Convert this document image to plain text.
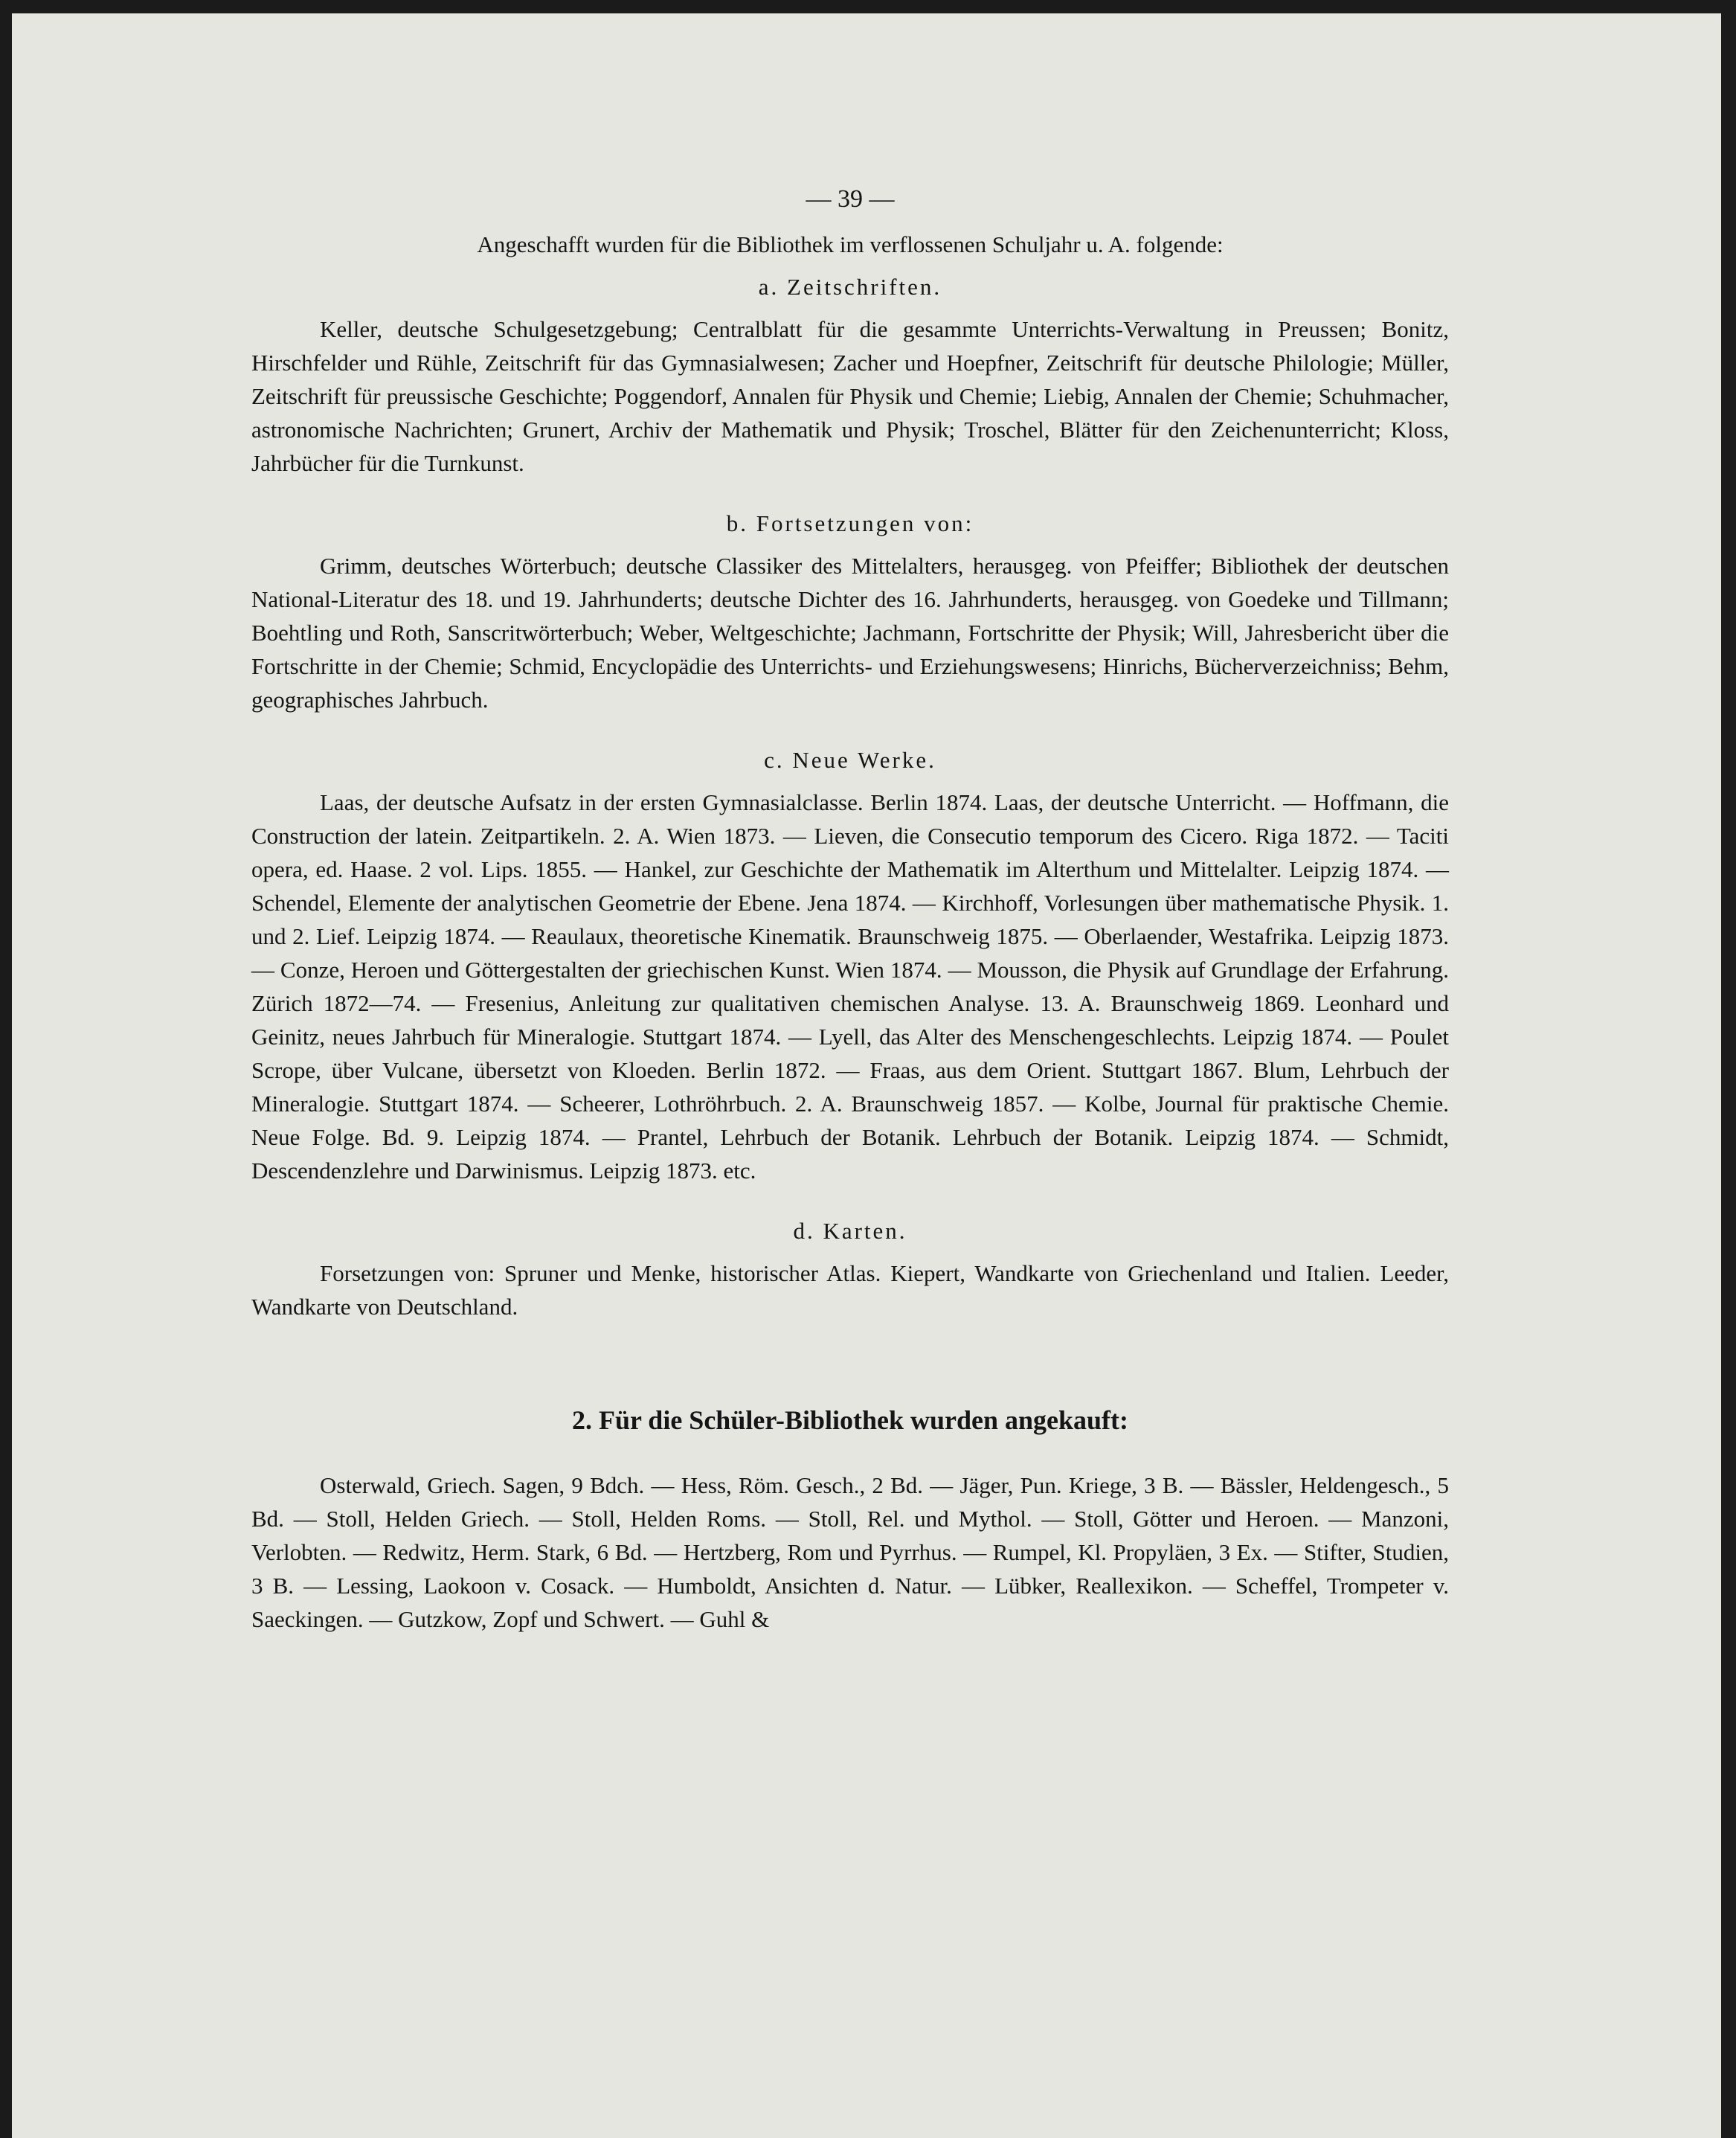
— 39 —
Angeschafft wurden für die Bibliothek im verflossenen Schuljahr u. A. folgende:
a. Zeitschriften.
Keller, deutsche Schulgesetzgebung; Centralblatt für die gesammte Unterrichts-Verwaltung in Preussen; Bonitz, Hirschfelder und Rühle, Zeitschrift für das Gymnasialwesen; Zacher und Hoepfner, Zeitschrift für deutsche Philologie; Müller, Zeitschrift für preussische Geschichte; Poggendorf, Annalen für Physik und Chemie; Liebig, Annalen der Chemie; Schuhmacher, astronomische Nachrichten; Grunert, Archiv der Mathematik und Physik; Troschel, Blätter für den Zeichenunterricht; Kloss, Jahrbücher für die Turnkunst.
b. Fortsetzungen von:
Grimm, deutsches Wörterbuch; deutsche Classiker des Mittelalters, herausgeg. von Pfeiffer; Bibliothek der deutschen National-Literatur des 18. und 19. Jahrhunderts; deutsche Dichter des 16. Jahrhunderts, herausgeg. von Goedeke und Tillmann; Boehtling und Roth, Sanscritwörterbuch; Weber, Weltgeschichte; Jachmann, Fortschritte der Physik; Will, Jahresbericht über die Fortschritte in der Chemie; Schmid, Encyclopädie des Unterrichts- und Erziehungswesens; Hinrichs, Bücherverzeichniss; Behm, geographisches Jahrbuch.
c. Neue Werke.
Laas, der deutsche Aufsatz in der ersten Gymnasialclasse. Berlin 1874. Laas, der deutsche Unterricht. — Hoffmann, die Construction der latein. Zeitpartikeln. 2. A. Wien 1873. — Lieven, die Consecutio temporum des Cicero. Riga 1872. — Taciti opera, ed. Haase. 2 vol. Lips. 1855. — Hankel, zur Geschichte der Mathematik im Alterthum und Mittelalter. Leipzig 1874. — Schendel, Elemente der analytischen Geometrie der Ebene. Jena 1874. — Kirchhoff, Vorlesungen über mathematische Physik. 1. und 2. Lief. Leipzig 1874. — Reaulaux, theoretische Kinematik. Braunschweig 1875. — Oberlaender, Westafrika. Leipzig 1873. — Conze, Heroen und Göttergestalten der griechischen Kunst. Wien 1874. — Mousson, die Physik auf Grundlage der Erfahrung. Zürich 1872—74. — Fresenius, Anleitung zur qualitativen chemischen Analyse. 13. A. Braunschweig 1869. Leonhard und Geinitz, neues Jahrbuch für Mineralogie. Stuttgart 1874. — Lyell, das Alter des Menschengeschlechts. Leipzig 1874. — Poulet Scrope, über Vulcane, übersetzt von Kloeden. Berlin 1872. — Fraas, aus dem Orient. Stuttgart 1867. Blum, Lehrbuch der Mineralogie. Stuttgart 1874. — Scheerer, Lothröhrbuch. 2. A. Braunschweig 1857. — Kolbe, Journal für praktische Chemie. Neue Folge. Bd. 9. Leipzig 1874. — Prantel, Lehrbuch der Botanik. Lehrbuch der Botanik. Leipzig 1874. — Schmidt, Descendenzlehre und Darwinismus. Leipzig 1873. etc.
d. Karten.
Forsetzungen von: Spruner und Menke, historischer Atlas. Kiepert, Wandkarte von Griechenland und Italien. Leeder, Wandkarte von Deutschland.
2. Für die Schüler-Bibliothek wurden angekauft:
Osterwald, Griech. Sagen, 9 Bdch. — Hess, Röm. Gesch., 2 Bd. — Jäger, Pun. Kriege, 3 B. — Bässler, Heldengesch., 5 Bd. — Stoll, Helden Griech. — Stoll, Helden Roms. — Stoll, Rel. und Mythol. — Stoll, Götter und Heroen. — Manzoni, Verlobten. — Redwitz, Herm. Stark, 6 Bd. — Hertzberg, Rom und Pyrrhus. — Rumpel, Kl. Propyläen, 3 Ex. — Stifter, Studien, 3 B. — Lessing, Laokoon v. Cosack. — Humboldt, Ansichten d. Natur. — Lübker, Reallexikon. — Scheffel, Trompeter v. Saeckingen. — Gutzkow, Zopf und Schwert. — Guhl &
